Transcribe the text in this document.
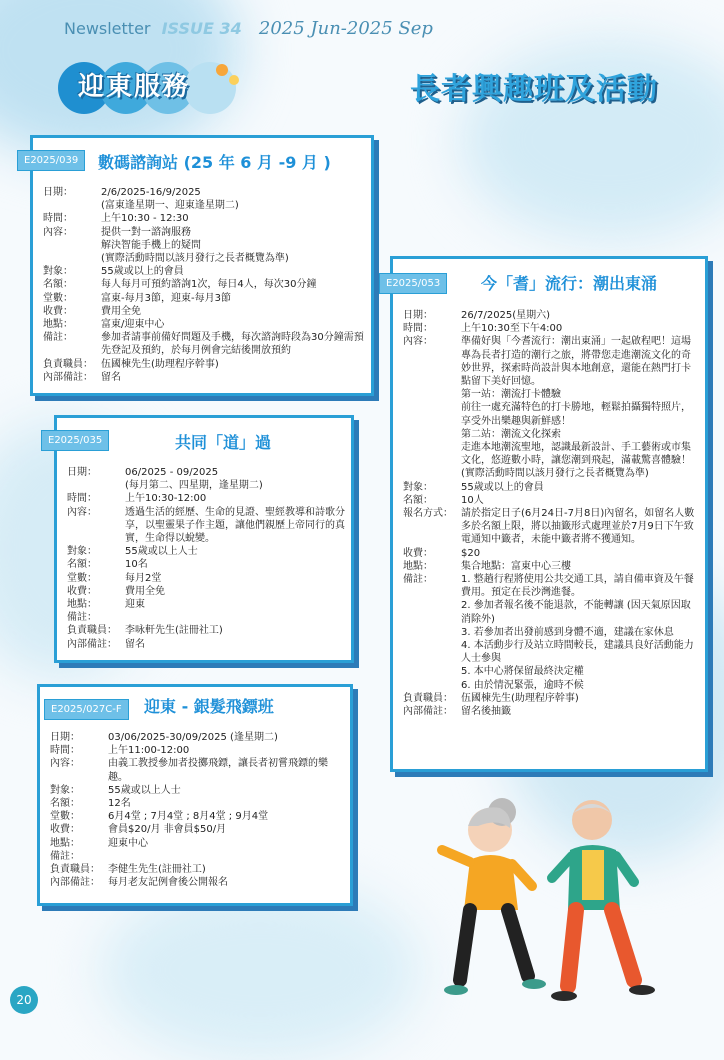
Newsletter ISSUE 34 2025 Jun-2025 Sep
迎東服務	長者興趣班及活動
E2025/039	數碼諮詢站 (25 年 6 月 -9 月 )
日期：	2/6/2025-16/9/2025
(富東逢星期一、迎東逢星期二)
時間：	上午10:30 - 12:30
內容：	提供一對一諮詢服務
解決智能手機上的疑問
(實際活動時間以該月發行之長者概覽為準)
對象：	55歲或以上的會員
名額：	每人每月可預約諮詢1次，每日4人，每次30分鐘
堂數：	富東-每月3節，迎東-每月3節
收費：	費用全免
地點：	富東/迎東中心
備註：	參加者請事前備好問題及手機，每次諮詢時段為30分鐘需預先登記及預約，於每月例會完結後開放預約
負責職員： 伍國棟先生(助理程序幹事)
內部備註： 留名
E2025/035	共同「道」過
日期：	06/2025 - 09/2025
(每月第二、四星期，逢星期二)
時間：	上午10:30-12:00
內容：	透過生活的經歷、生命的見證、聖經教導和詩歌分享，以聖靈果子作主題，讓他們親歷上帝同行的真實，生命得以蛻變。
對象：	55歲或以上人士
名額：	10名
堂數：	每月2堂
收費：	費用全免
地點：	迎東
備註：
負責職員： 李咏軒先生(註冊社工)
內部備註： 留名
E2025/027C-F	迎東 - 銀髮飛鏢班
日期：	03/06/2025-30/09/2025 (逢星期二)
時間：	上午11:00-12:00
內容：	由義工教授參加者投擲飛鏢，讓長者初嘗飛鏢的樂趣。
對象：	55歲或以上人士
名額：	12名
堂數：	6月4堂 ; 7月4堂 ; 8月4堂 ; 9月4堂
收費：	會員$20/月 非會員$50/月
地點：	迎東中心
備註：
負責職員： 李健生先生(註冊社工)
內部備註： 每月老友記例會後公開報名
E2025/053	今「耆」流行：潮出東涌
日期：	26/7/2025(星期六)
時間：	上午10:30至下午4:00
內容：	準備好與「今耆流行：潮出東涌」一起啟程吧！這場專為長者打造的潮行之旅，將帶您走進潮流文化的奇妙世界，探索時尚設計與本地創意，還能在熱門打卡點留下美好回憶。
第一站：潮流打卡體驗
前往一處充滿特色的打卡勝地，輕鬆拍攝獨特照片，享受外出樂趣與新鮮感！
第二站：潮流文化探索
走進本地潮流聖地，認識最新設計、手工藝術或市集文化，悠遊數小時，讓您潮到飛起，滿載驚喜體驗！
(實際活動時間以該月發行之長者概覽為準)
對象：	55歲或以上的會員
名額：	10人
報名方式： 請於指定日子(6月24日-7月8日)內留名，如留名人數多於名額上限，將以抽籤形式處理並於7月9日下午致電通知中籤者，未能中籤者將不獲通知。
收費：	$20
地點：	集合地點：富東中心三樓
備註：	1. 整趟行程將使用公共交通工具，請自備車資及午餐費用。預定在長沙灣進餐。
2. 參加者報名後不能退款，不能轉讓 (因天氣原因取消除外)
3. 若參加者出發前感到身體不適，建議在家休息
4. 本活動步行及站立時間較長，建議具良好活動能力人士參與
5. 本中心將保留最終決定權
6. 由於情況緊張，逾時不候
負責職員： 伍國棟先生(助理程序幹事)
內部備註： 留名後抽籤
20
